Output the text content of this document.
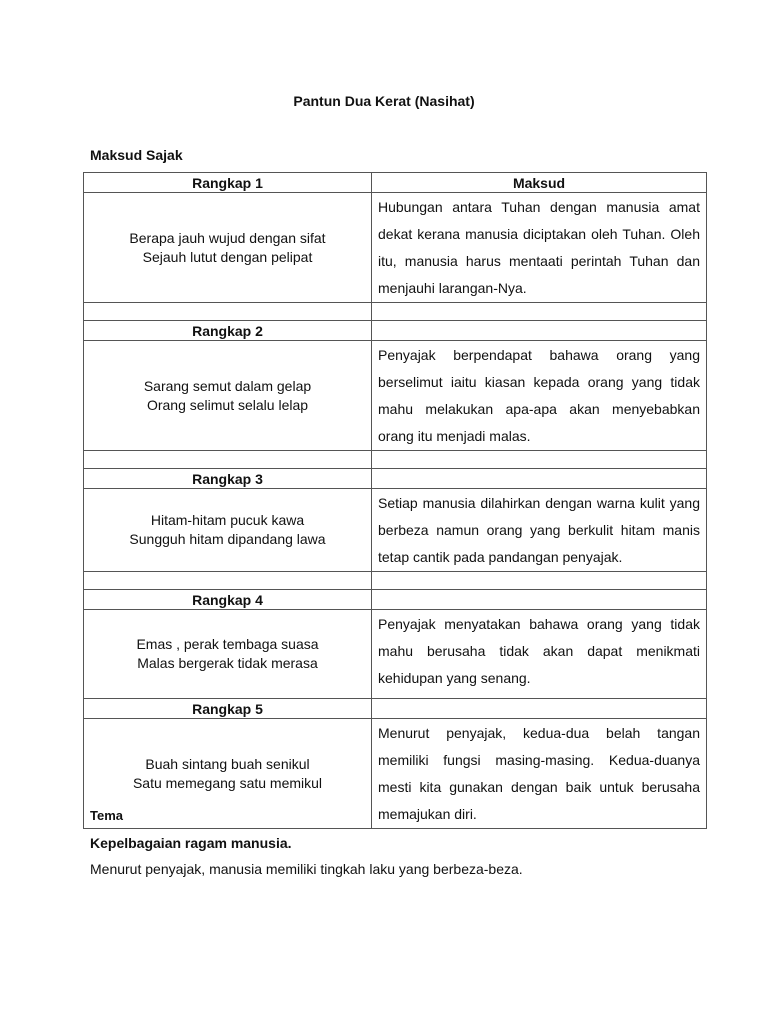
Pantun Dua Kerat (Nasihat)
Maksud Sajak
Rangkap 1	Maksud

Berapa jauh wujud dengan sifat
Sejauh lutut dengan pelipat	Hubungan antara Tuhan dengan manusia amat dekat kerana manusia diciptakan oleh Tuhan. Oleh itu, manusia harus mentaati perintah Tuhan dan menjauhi larangan-Nya.

Rangkap 2	

Sarang semut dalam gelap
Orang selimut selalu lelap	Penyajak berpendapat bahawa orang yang berselimut iaitu kiasan kepada orang yang tidak mahu melakukan apa-apa akan menyebabkan orang itu menjadi malas.

Rangkap 3	

Hitam-hitam pucuk kawa
Sungguh hitam dipandang lawa	Setiap manusia dilahirkan dengan warna kulit yang berbeza namun orang yang berkulit hitam manis tetap cantik pada pandangan penyajak.

Rangkap 4	

Emas , perak tembaga suasa
Malas bergerak tidak merasa	Penyajak menyatakan bahawa orang yang tidak mahu berusaha tidak akan dapat menikmati kehidupan yang senang.

Rangkap 5	

Buah sintang buah senikul
Satu memegang satu memikul	Menurut penyajak, kedua-dua belah tangan memiliki fungsi masing-masing. Kedua-duanya mesti kita gunakan dengan baik untuk berusaha memajukan diri.
Tema
Kepelbagaian ragam manusia.
Menurut penyajak, manusia memiliki tingkah laku yang berbeza-beza.
